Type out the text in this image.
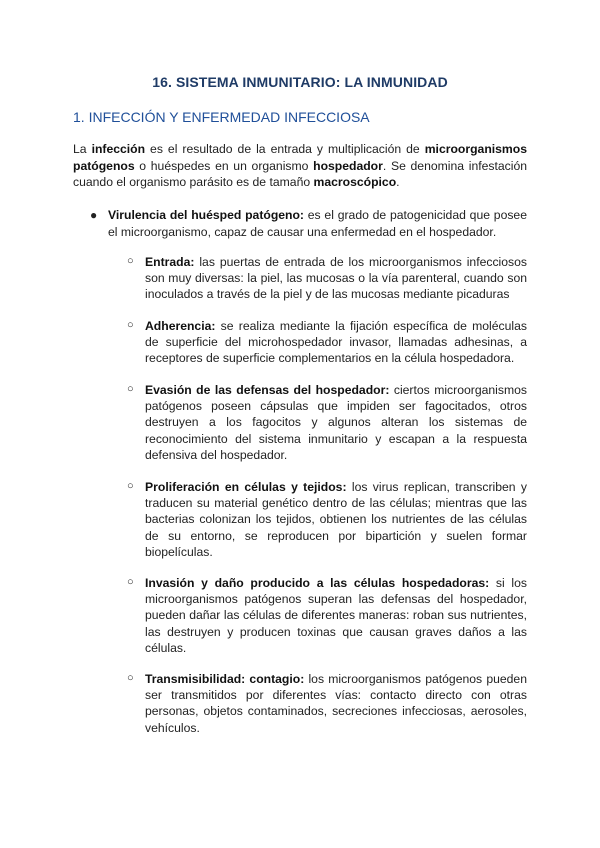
16. SISTEMA INMUNITARIO: LA INMUNIDAD
1. INFECCIÓN Y ENFERMEDAD INFECCIOSA

La infección es el resultado de la entrada y multiplicación de microorganismos patógenos o huéspedes en un organismo hospedador. Se denomina infestación cuando el organismo parásito es de tamaño macroscópico.

● Virulencia del huésped patógeno: es el grado de patogenicidad que posee el microorganismo, capaz de causar una enfermedad en el hospedador.

○ Entrada: las puertas de entrada de los microorganismos infecciosos son muy diversas: la piel, las mucosas o la vía parenteral, cuando son inoculados a través de la piel y de las mucosas mediante picaduras

○ Adherencia: se realiza mediante la fijación específica de moléculas de superficie del microhospedador invasor, llamadas adhesinas, a receptores de superficie complementarios en la célula hospedadora.

○ Evasión de las defensas del hospedador: ciertos microorganismos patógenos poseen cápsulas que impiden ser fagocitados, otros destruyen a los fagocitos y algunos alteran los sistemas de reconocimiento del sistema inmunitario y escapan a la respuesta defensiva del hospedador.

○ Proliferación en células y tejidos: los virus replican, transcriben y traducen su material genético dentro de las células; mientras que las bacterias colonizan los tejidos, obtienen los nutrientes de las células de su entorno, se reproducen por bipartición y suelen formar biopelículas.

○ Invasión y daño producido a las células hospedadoras: si los microorganismos patógenos superan las defensas del hospedador, pueden dañar las células de diferentes maneras: roban sus nutrientes, las destruyen y producen toxinas que causan graves daños a las células.

○ Transmisibilidad: contagio: los microorganismos patógenos pueden ser transmitidos por diferentes vías: contacto directo con otras personas, objetos contaminados, secreciones infecciosas, aerosoles, vehículos.
